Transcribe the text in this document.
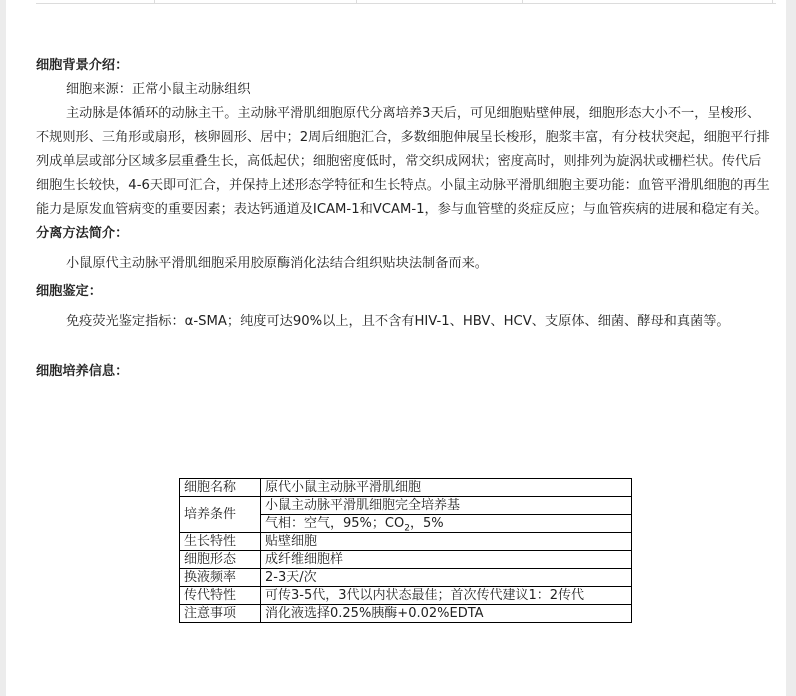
细胞背景介绍：

细胞来源：正常小鼠主动脉组织

主动脉是体循环的动脉主干。主动脉平滑肌细胞原代分离培养3天后，可见细胞贴壁伸展，细胞形态大小不一，呈梭形、不规则形、三角形或扇形，核卵圆形、居中；2周后细胞汇合，多数细胞伸展呈长梭形，胞浆丰富，有分枝状突起，细胞平行排列成单层或部分区域多层重叠生长，高低起伏；细胞密度低时，常交织成网状；密度高时，则排列为旋涡状或栅栏状。传代后细胞生长较快，4-6天即可汇合，并保持上述形态学特征和生长特点。小鼠主动脉平滑肌细胞主要功能：血管平滑肌细胞的再生能力是原发血管病变的重要因素；表达钙通道及ICAM-1和VCAM-1，参与血管壁的炎症反应；与血管疾病的进展和稳定有关。

分离方法简介：

小鼠原代主动脉平滑肌细胞采用胶原酶消化法结合组织贴块法制备而来。

细胞鉴定：

免疫荧光鉴定指标：α-SMA；纯度可达90%以上，且不含有HIV-1、HBV、HCV、支原体、细菌、酵母和真菌等。

细胞培养信息：

细胞名称	原代小鼠主动脉平滑肌细胞
培养条件	小鼠主动脉平滑肌细胞完全培养基
	气相：空气，95%；$CO_2$，5%
生长特性	贴壁细胞
细胞形态	成纤维细胞样
换液频率	2-3天/次
传代特性	可传3-5代，3代以内状态最佳；首次传代建议1：2传代
注意事项	消化液选择0.25%胰酶+0.02%EDTA
